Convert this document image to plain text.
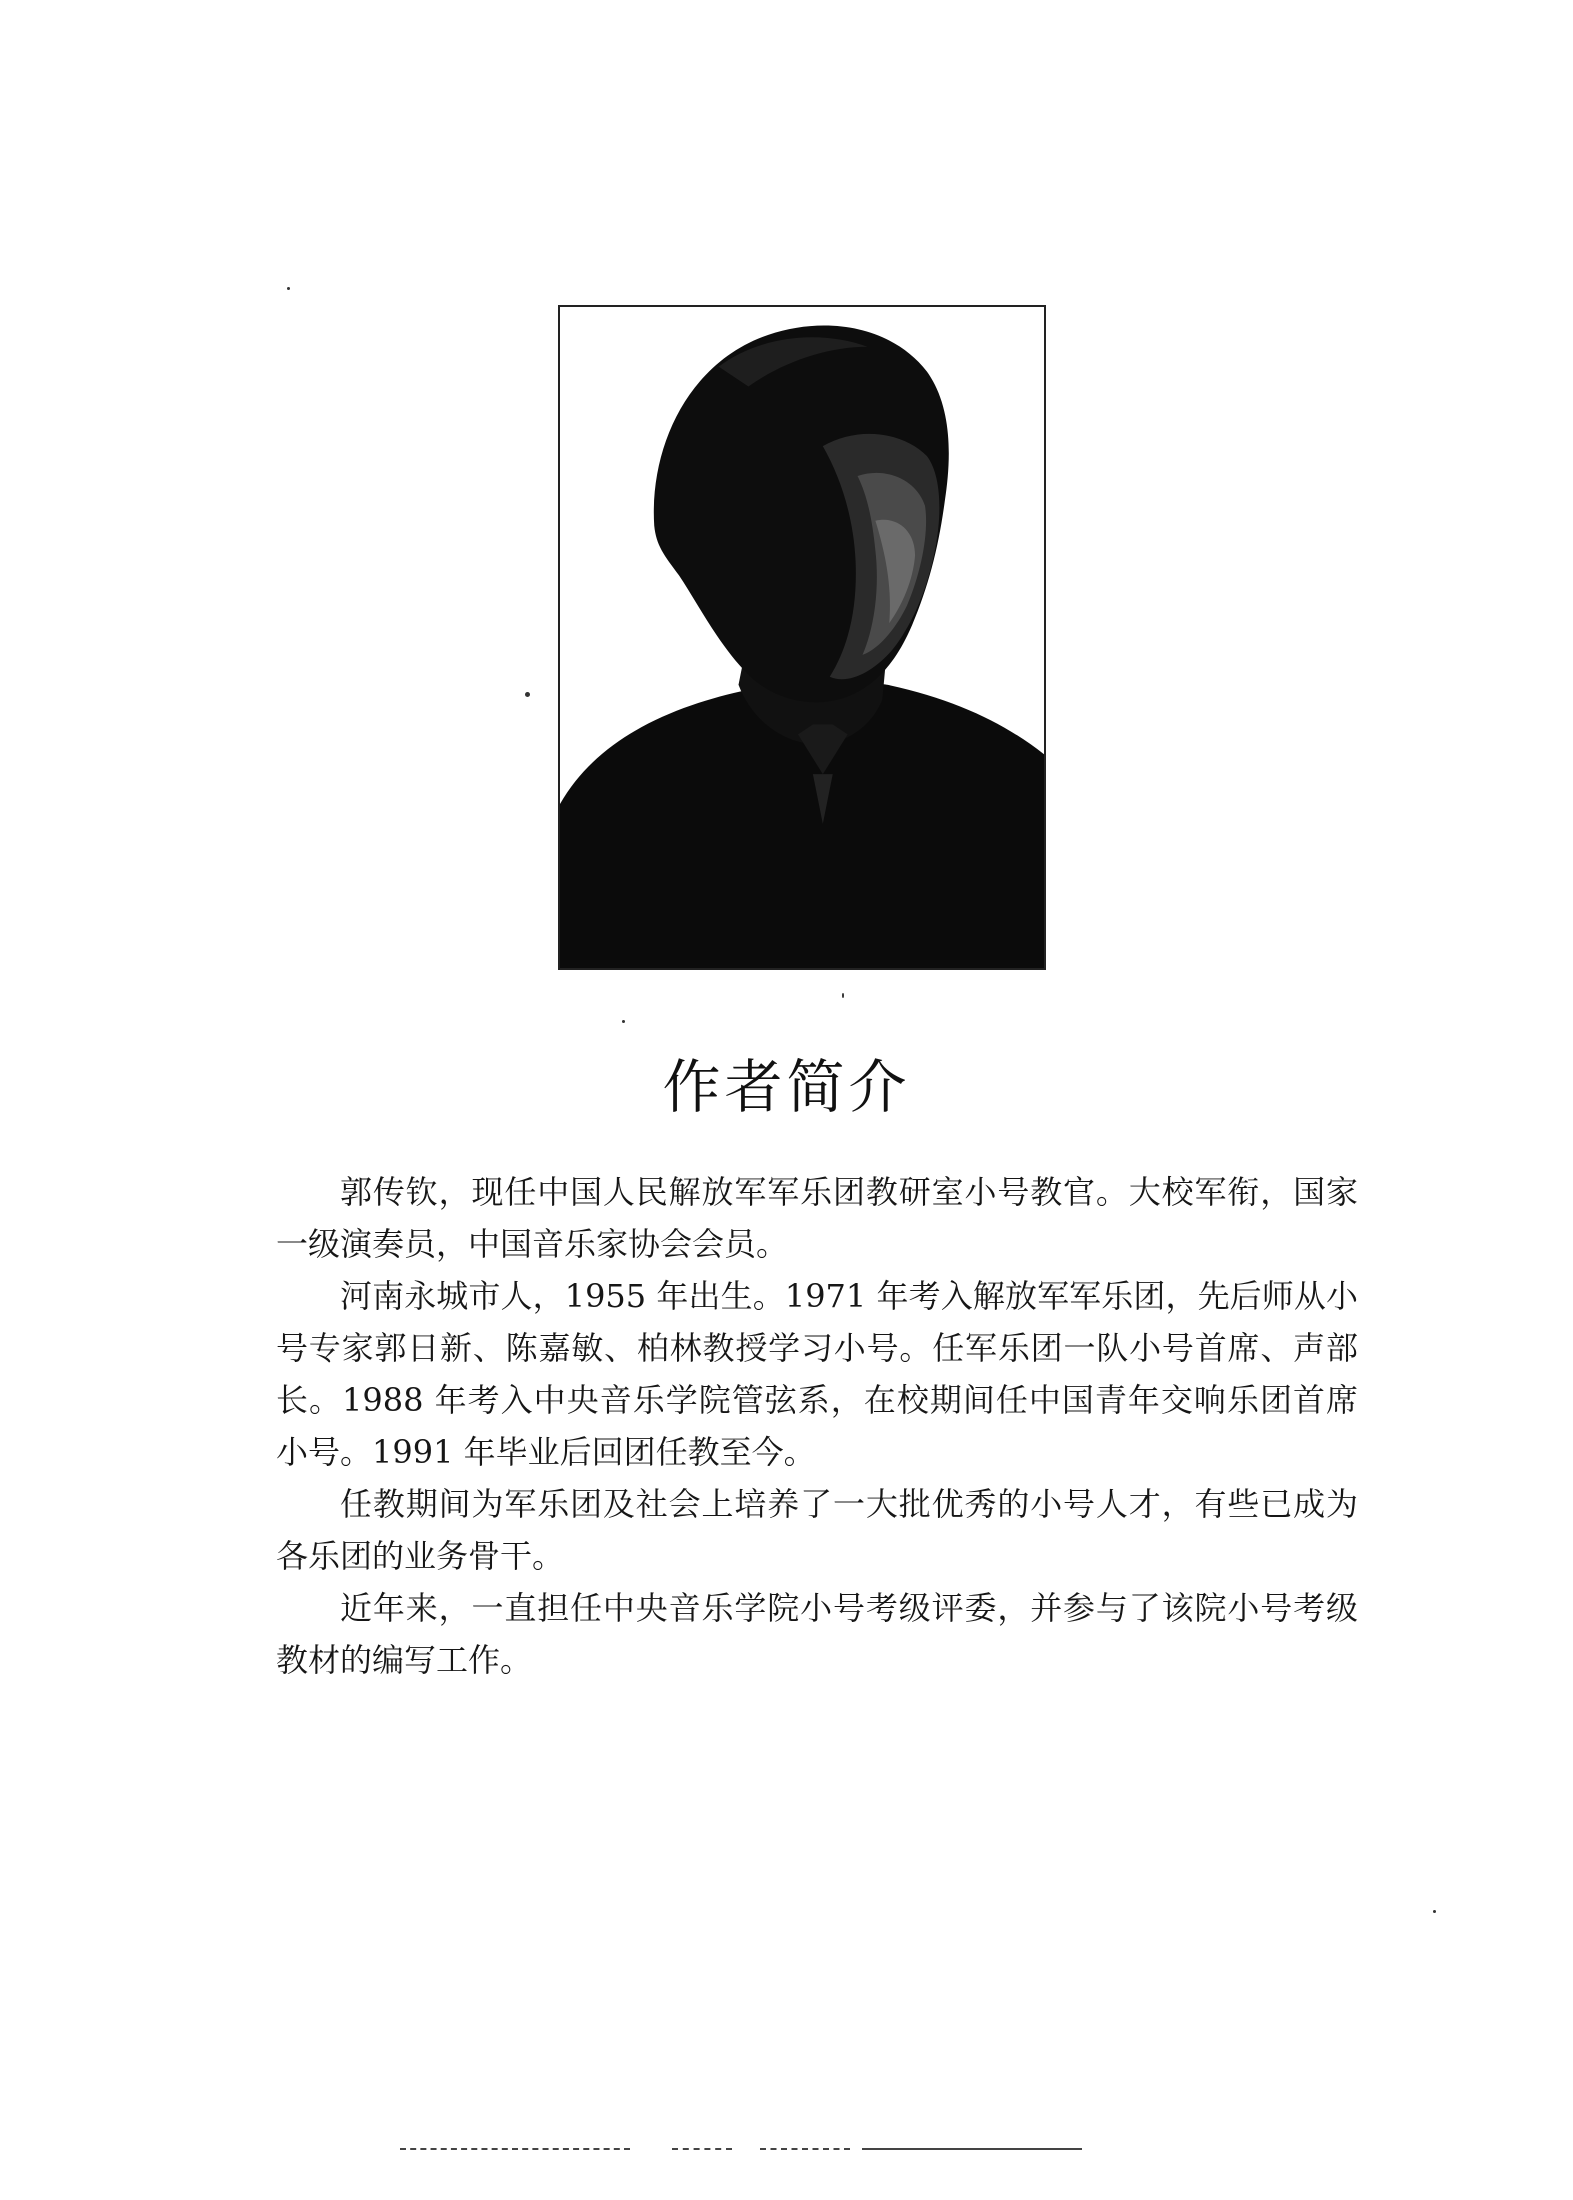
作者简介

郭传钦，现任中国人民解放军军乐团教研室小号教官。大校军衔，国家一级演奏员，中国音乐家协会会员。

河南永城市人，1955 年出生。1971 年考入解放军军乐团，先后师从小号专家郭日新、陈嘉敏、柏林教授学习小号。任军乐团一队小号首席、声部长。1988 年考入中央音乐学院管弦系，在校期间任中国青年交响乐团首席小号。1991 年毕业后回团任教至今。

任教期间为军乐团及社会上培养了一大批优秀的小号人才，有些已成为各乐团的业务骨干。

近年来，一直担任中央音乐学院小号考级评委，并参与了该院小号考级教材的编写工作。
